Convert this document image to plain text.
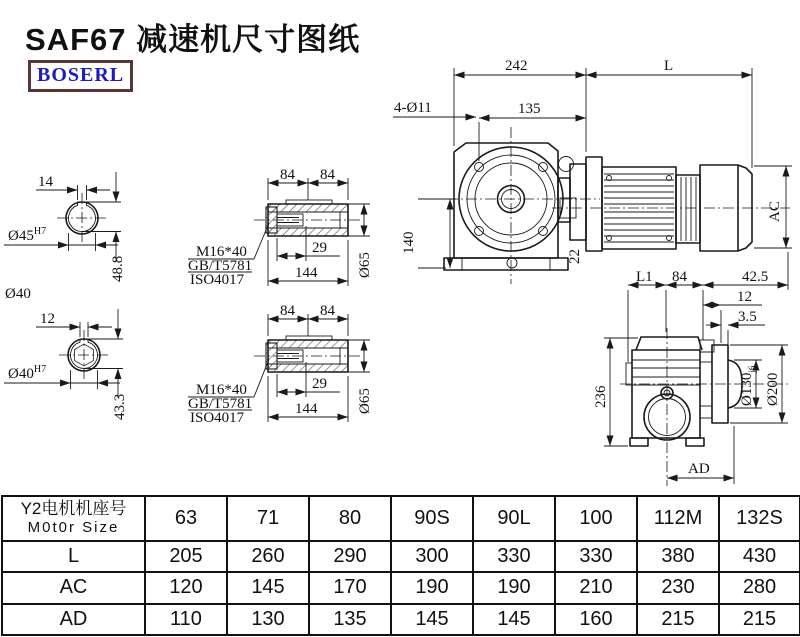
SAF67 减速机尺寸图纸
BOSERL
14
$Ø45^{H7}$
48.8
Ø40
12
$Ø40^{H7}$
43.3
84 84
29
144	Ø65
M16*40
GB/T5781
ISO4017
84 84
29
144	Ø65
M16*40
GB/T5781
ISO4017
242	L
135
4-Ø11
140
AC
22
L1 84	42.5
12
3.5
236	$Ø130_{j6}$
Ø200
AD
Y2电机机座号
M0t0r Size	63	71	80	90S	90L	100	112M	132S
L	205	260	290	300	330	330	380	430
AC	120	145	170	190	190	210	230	280
AD	110	130	135	145	145	160	215	215
